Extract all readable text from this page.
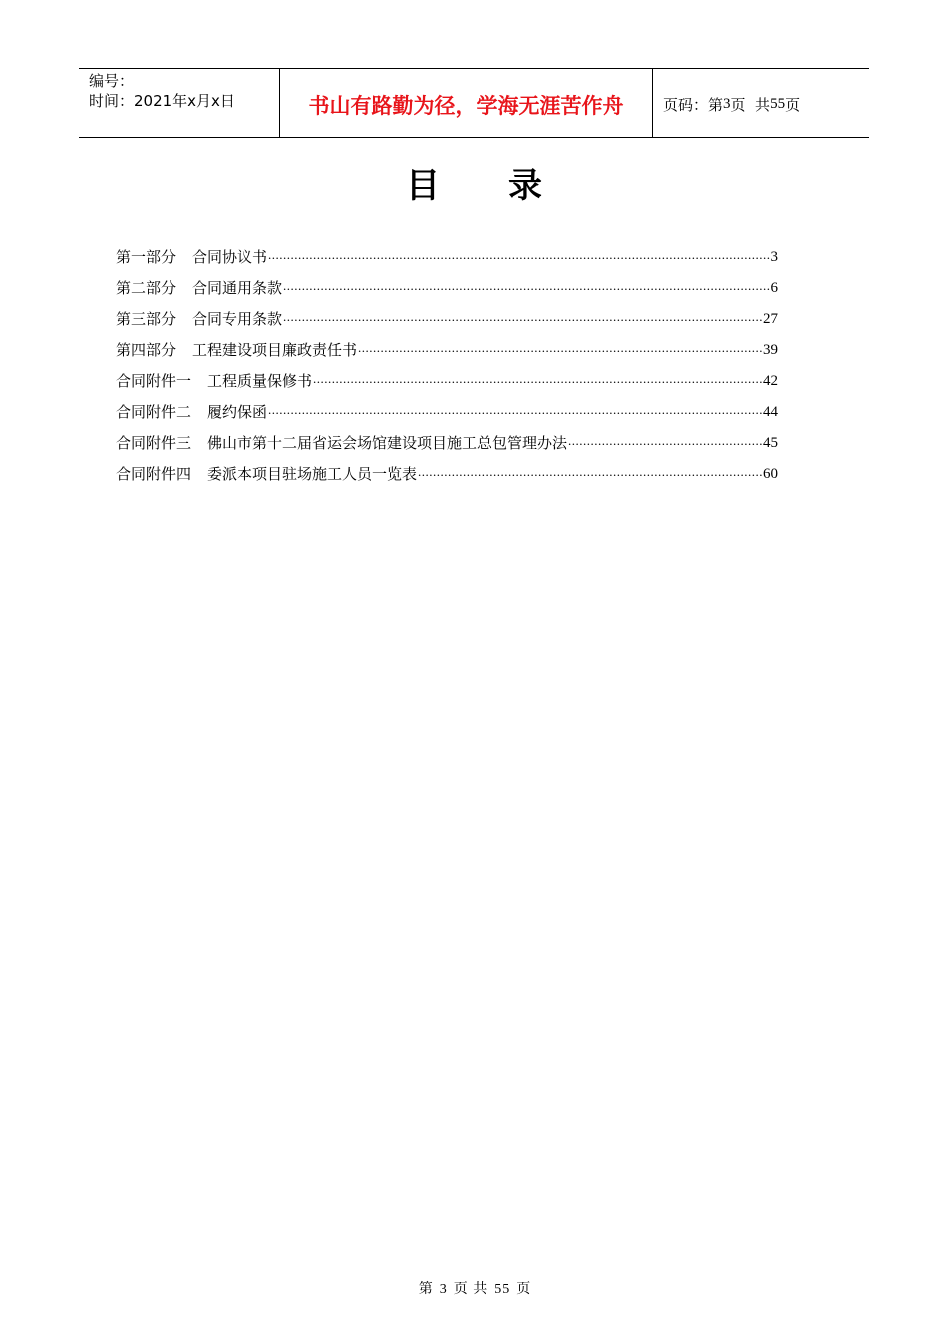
编号：
时间：2021年x月x日	书山有路勤为径，学海无涯苦作舟	页码：第 3 页  共 55 页
目 录
第一部分 合同协议书 .....	3
第二部分 合同通用条款 .....	6
第三部分 合同专用条款 .....	27
第四部分 工程建设项目廉政责任书 .....	39
合同附件一 工程质量保修书 .....	42
合同附件二 履约保函 .....	44
合同附件三 佛山市第十二届省运会场馆建设项目施工总包管理办法 .....	45
合同附件四 委派本项目驻场施工人员一览表 .....	60
第 3 页 共 55 页
